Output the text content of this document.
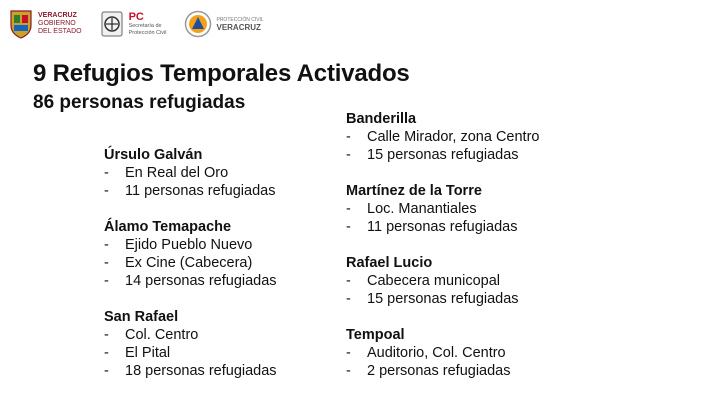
VERACRUZ
GOBIERNO
DEL ESTADO
PC
Secretaría de
Protección Civil
PROTECCIÓN CIVIL
VERACRUZ
9 Refugios Temporales Activados
86 personas refugiadas
Úrsulo Galván
- En Real del Oro
- 11 personas refugiadas
Álamo Temapache
- Ejido Pueblo Nuevo
- Ex Cine (Cabecera)
- 14 personas refugiadas
San Rafael
- Col. Centro
- El Pital
- 18 personas refugiadas
Banderilla
- Calle Mirador, zona Centro
- 15 personas refugiadas
Martínez de la Torre
- Loc. Manantiales
- 11 personas refugiadas
Rafael Lucio
- Cabecera municopal
- 15 personas refugiadas
Tempoal
- Auditorio, Col. Centro
- 2 personas refugiadas
